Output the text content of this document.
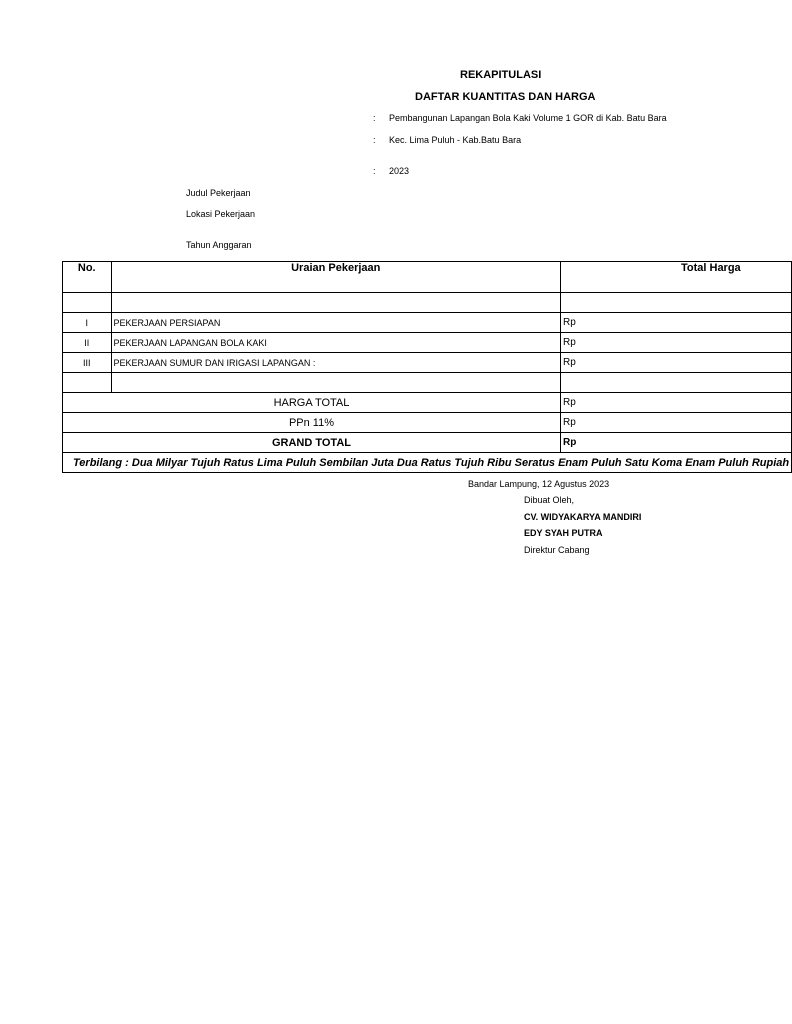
REKAPITULASI
DAFTAR KUANTITAS DAN HARGA
: Pembangunan Lapangan Bola Kaki Volume 1 GOR di Kab. Batu Bara
: Kec. Lima Puluh - Kab.Batu Bara
: 2023
Judul Pekerjaan
Lokasi Pekerjaan
Tahun Anggaran
No.	Uraian Pekerjaan	Total Harga

I	PEKERJAAN PERSIAPAN	Rp
II	PEKERJAAN LAPANGAN BOLA KAKI	Rp
III	PEKERJAAN SUMUR DAN IRIGASI LAPANGAN :	Rp

HARGA TOTAL		Rp
PPn 11%		Rp
GRAND TOTAL		Rp
Terbilang : Dua Milyar Tujuh Ratus Lima Puluh Sembilan Juta Dua Ratus Tujuh Ribu Seratus Enam Puluh Satu Koma Enam Puluh Rupiah		
Bandar Lampung, 12 Agustus 2023
Dibuat Oleh,
CV. WIDYAKARYA MANDIRI
EDY SYAH PUTRA
Direktur Cabang
